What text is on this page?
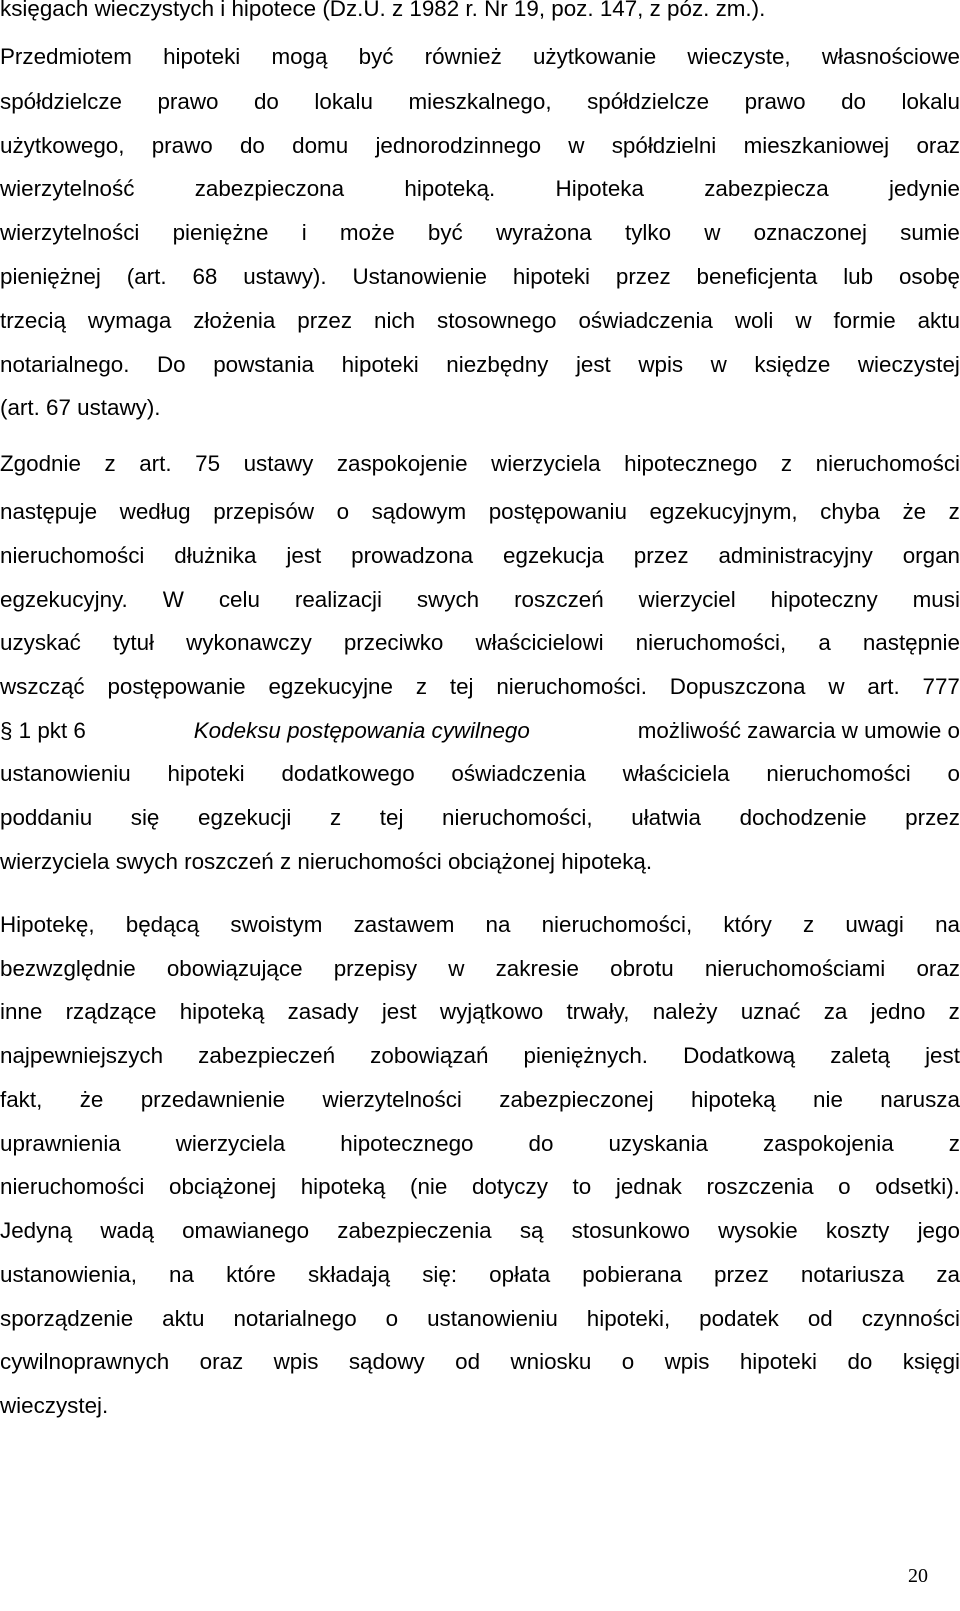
księgach wieczystych i hipotece (Dz.U. z 1982 r. Nr 19, poz. 147, z póz. zm.).
Przedmiotem hipoteki mogą być również użytkowanie wieczyste, własnościowe
spółdzielcze prawo do lokalu mieszkalnego, spółdzielcze prawo do lokalu
użytkowego, prawo do domu jednorodzinnego w spółdzielni mieszkaniowej oraz
wierzytelność	zabezpieczona	hipoteką.	Hipoteka	zabezpiecza	jedynie
wierzytelności pieniężne i może być wyrażona tylko w oznaczonej sumie
pieniężnej (art. 68 ustawy). Ustanowienie hipoteki przez beneficjenta lub osobę
trzecią wymaga złożenia przez nich stosownego oświadczenia woli w formie aktu
notarialnego. Do powstania hipoteki niezbędny jest wpis w księdze wieczystej
(art. 67 ustawy).
Zgodnie z art. 75 ustawy zaspokojenie wierzyciela hipotecznego z nieruchomości
następuje według przepisów o sądowym postępowaniu egzekucyjnym, chyba że z
nieruchomości dłużnika jest prowadzona egzekucja przez administracyjny organ
egzekucyjny. W celu realizacji swych roszczeń wierzyciel hipoteczny musi
uzyskać tytuł wykonawczy przeciwko właścicielowi nieruchomości, a następnie
wszcząć postępowanie egzekucyjne z tej nieruchomości. Dopuszczona w art. 777
§ 1 pkt 6	Kodeksu postępowania cywilnego	możliwość zawarcia w umowie o
ustanowieniu hipoteki dodatkowego oświadczenia właściciela nieruchomości o
poddaniu się egzekucji z tej nieruchomości, ułatwia dochodzenie przez
wierzyciela swych roszczeń z nieruchomości obciążonej hipoteką.
Hipotekę, będącą swoistym zastawem na nieruchomości, który z uwagi na
bezwzględnie obowiązujące przepisy w zakresie obrotu nieruchomościami oraz
inne rządzące hipoteką zasady jest wyjątkowo trwały, należy uznać za jedno z
najpewniejszych zabezpieczeń zobowiązań pieniężnych. Dodatkową zaletą jest
fakt, że przedawnienie wierzytelności zabezpieczonej hipoteką nie narusza
uprawnienia wierzyciela hipotecznego do uzyskania zaspokojenia z
nieruchomości obciążonej hipoteką (nie dotyczy to jednak roszczenia o odsetki).
Jedyną wadą omawianego zabezpieczenia są stosunkowo wysokie koszty jego
ustanowienia, na które składają się: opłata pobierana przez notariusza za
sporządzenie aktu notarialnego o ustanowieniu hipoteki, podatek od czynności
cywilnoprawnych oraz wpis sądowy od wniosku o wpis hipoteki do księgi
wieczystej.
20
